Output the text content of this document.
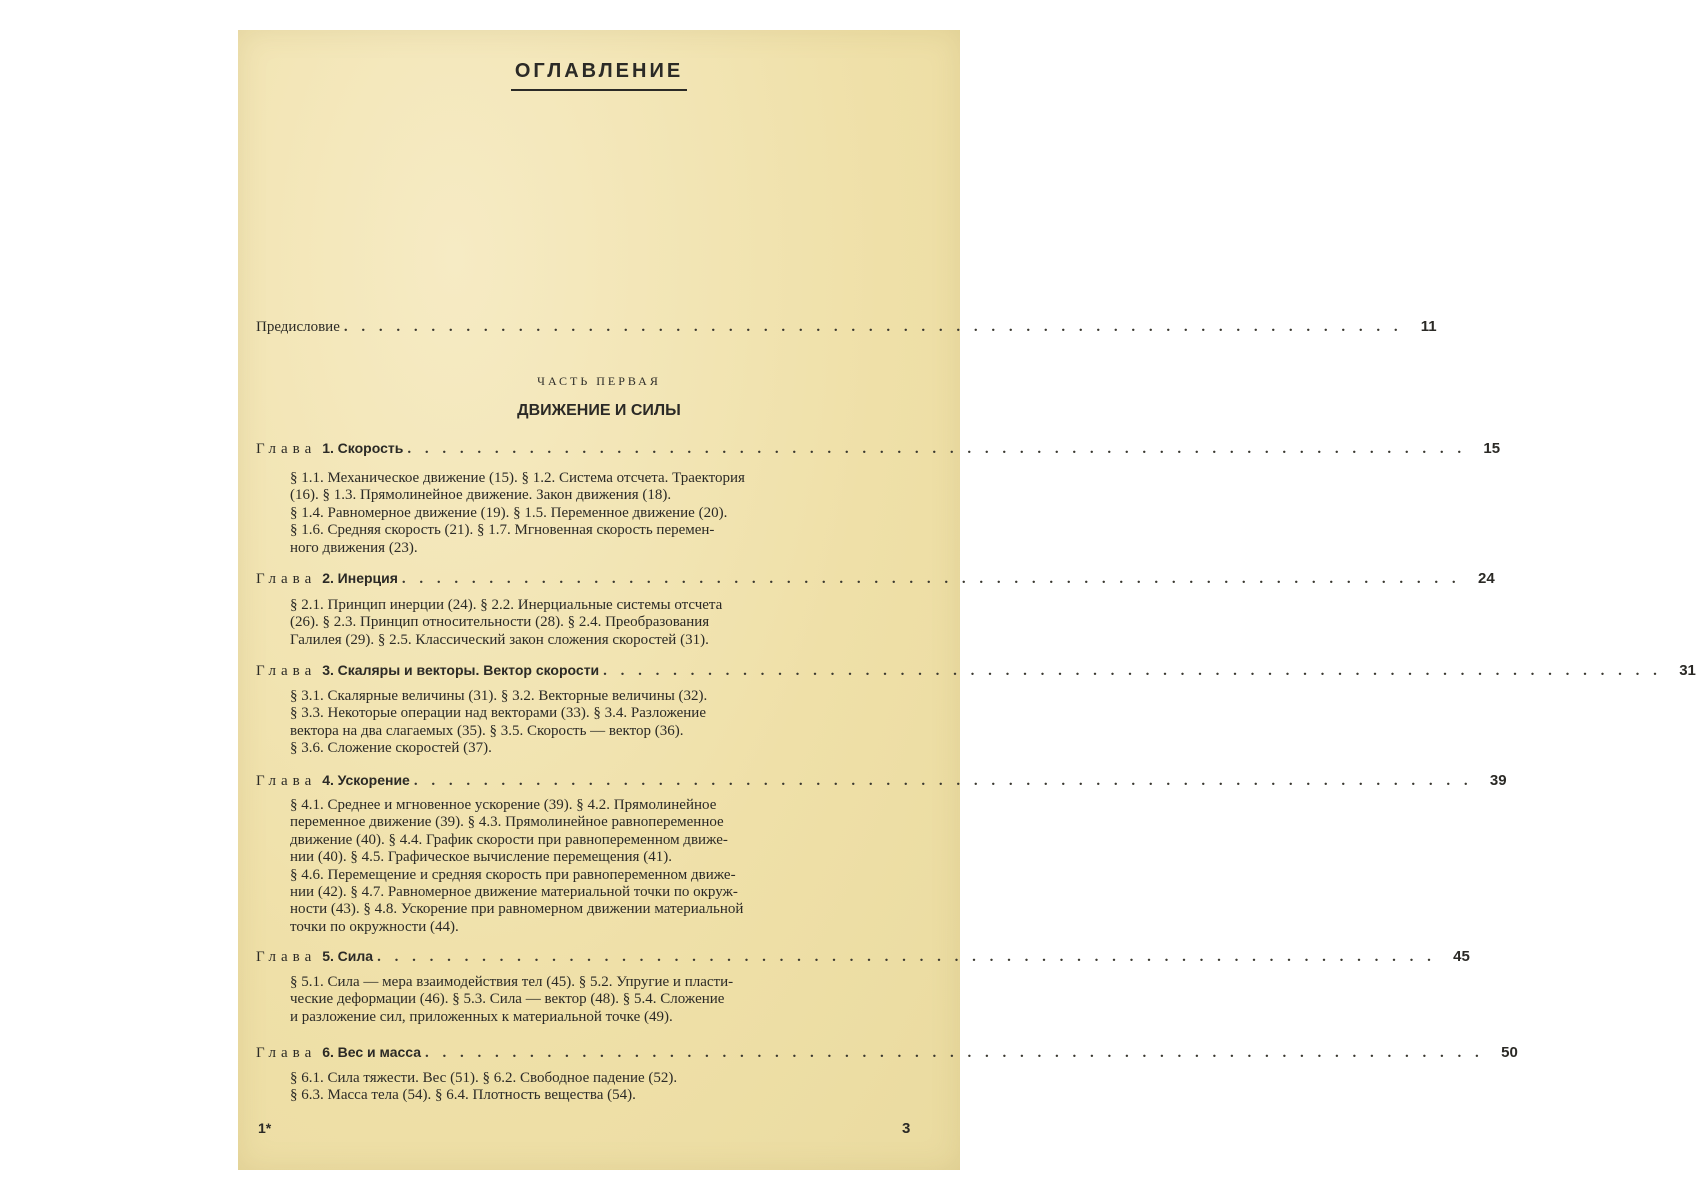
ОГЛАВЛЕНИЕ
Предисловие . . . . . . . . . . . . . . . . . . . . . . . . . . . . . . . . . . . . . . . . . . . . . . . . . . . . . . . . . . . . .	11
ЧАСТЬ ПЕРВАЯ
ДВИЖЕНИЕ И СИЛЫ
Глава 1. Скорость . . . . . . . . . . . . . . . . . . . . . . . . . . . . . . . . . . . . . . . . . . . . . . . . . . . . . . . . . . . . .	15
§ 1.1. Механическое движение (15). § 1.2. Система отсчета. Траектория
(16). § 1.3. Прямолинейное движение. Закон движения (18).
§ 1.4. Равномерное движение (19). § 1.5. Переменное движение (20).
§ 1.6. Средняя скорость (21). § 1.7. Мгновенная скорость перемен-
ного движения (23).
Глава 2. Инерция . . . . . . . . . . . . . . . . . . . . . . . . . . . . . . . . . . . . . . . . . . . . . . . . . . . . . . . . . . . . .	24
§ 2.1. Принцип инерции (24). § 2.2. Инерциальные системы отсчета
(26). § 2.3. Принцип относительности (28). § 2.4. Преобразования
Галилея (29). § 2.5. Классический закон сложения скоростей (31).
Глава 3. Скаляры и векторы. Вектор скорости . . . . . . . . . . . . . . . . . . . . . . . . . . . . . . . . . . . . . . . . . . . . . . . . . . . . . . . . . . . . .	31
§ 3.1. Скалярные величины (31). § 3.2. Векторные величины (32).
§ 3.3. Некоторые операции над векторами (33). § 3.4. Разложение
вектора на два слагаемых (35). § 3.5. Скорость — вектор (36).
§ 3.6. Сложение скоростей (37).
Глава 4. Ускорение . . . . . . . . . . . . . . . . . . . . . . . . . . . . . . . . . . . . . . . . . . . . . . . . . . . . . . . . . . . . .	39
§ 4.1. Среднее и мгновенное ускорение (39). § 4.2. Прямолинейное
переменное движение (39). § 4.3. Прямолинейное равнопеременное
движение (40). § 4.4. График скорости при равнопеременном движе-
нии (40). § 4.5. Графическое вычисление перемещения (41).
§ 4.6. Перемещение и средняя скорость при равнопеременном движе-
нии (42). § 4.7. Равномерное движение материальной точки по окруж-
ности (43). § 4.8. Ускорение при равномерном движении материальной
точки по окружности (44).
Глава 5. Сила . . . . . . . . . . . . . . . . . . . . . . . . . . . . . . . . . . . . . . . . . . . . . . . . . . . . . . . . . . . . .	45
§ 5.1. Сила — мера взаимодействия тел (45). § 5.2. Упругие и пласти-
ческие деформации (46). § 5.3. Сила — вектор (48). § 5.4. Сложение
и разложение сил, приложенных к материальной точке (49).
Глава 6. Вес и масса . . . . . . . . . . . . . . . . . . . . . . . . . . . . . . . . . . . . . . . . . . . . . . . . . . . . . . . . . . . . .	50
§ 6.1. Сила тяжести. Вес (51). § 6.2. Свободное падение (52).
§ 6.3. Масса тела (54). § 6.4. Плотность вещества (54).
1*	3
